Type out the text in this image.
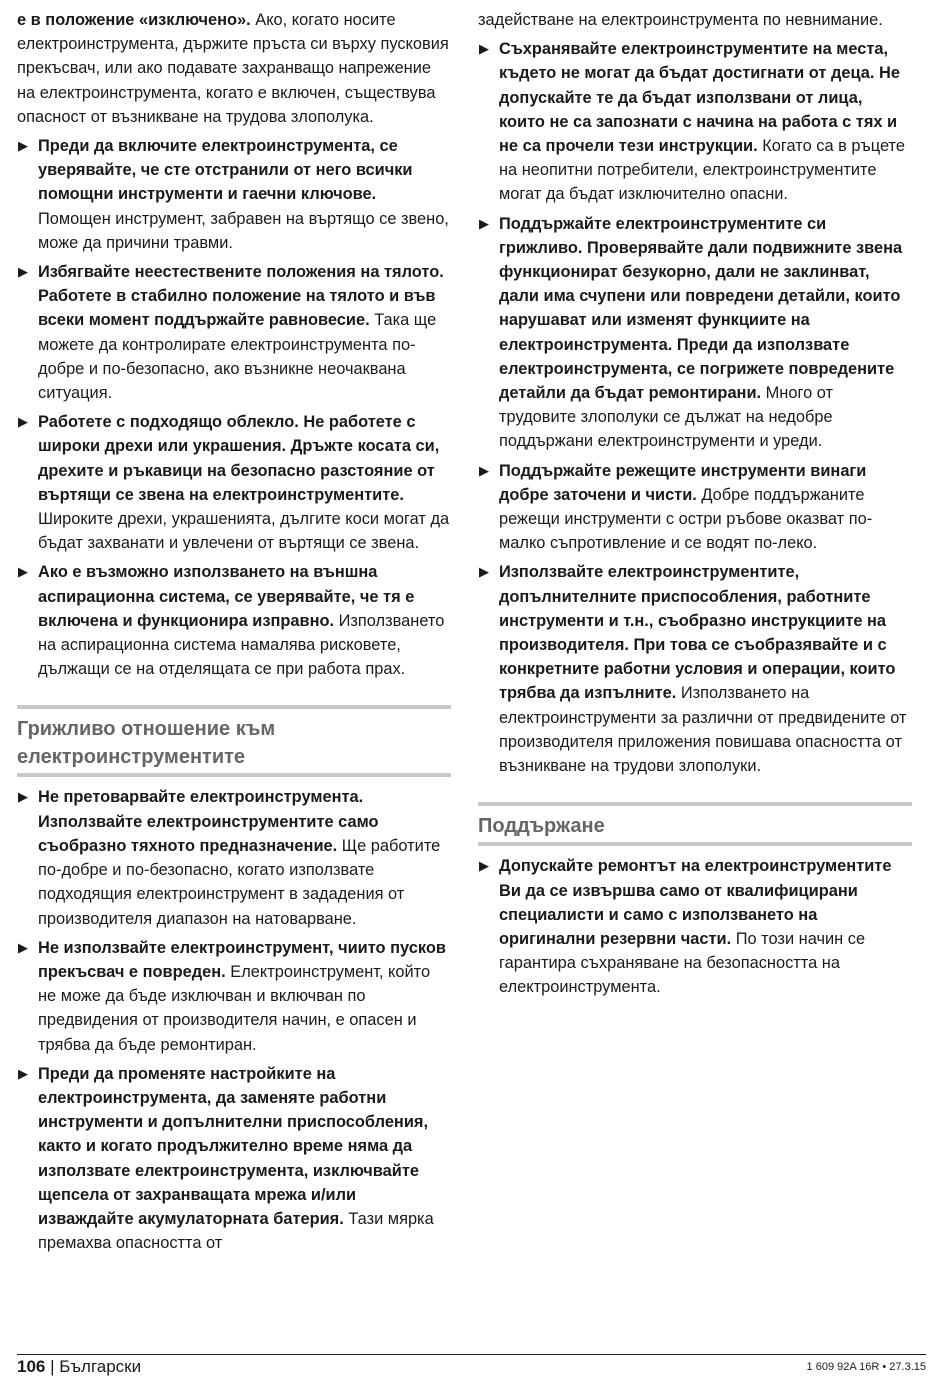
е в положение «изключено». Ако, когато носите електроинструмента, държите пръста си върху пусковия прекъсвач, или ако подавате захранващо напрежение на електроинструмента, когато е включен, съществува опасност от възникване на трудова злополука.

▶ Преди да включите електроинструмента, се уверявайте, че сте отстранили от него всички помощни инструменти и гаечни ключове. Помощен инструмент, забравен на въртящо се звено, може да причини травми.

▶ Избягвайте неестествените положения на тялото. Работете в стабилно положение на тялото и във всеки момент поддържайте равновесие. Така ще можете да контролирате електроинструмента по-добре и по-безопасно, ако възникне неочаквана ситуация.

▶ Работете с подходящо облекло. Не работете с широки дрехи или украшения. Дръжте косата си, дрехите и ръкавици на безопасно разстояние от въртящи се звена на електроинструментите. Широките дрехи, украшенията, дългите коси могат да бъдат захванати и увлечени от въртящи се звена.

▶ Ако е възможно използването на външна аспирационна система, се уверявайте, че тя е включена и функционира изправно. Използването на аспирационна система намалява рисковете, дължащи се на отделящата се при работа прах.

Грижливо отношение към електроинструментите

▶ Не претоварвайте електроинструмента. Използвайте електроинструментите само съобразно тяхното предназначение. Ще работите по-добре и по-безопасно, когато използвате подходящия електроинструмент в зададения от производителя диапазон на натоварване.

▶ Не използвайте електроинструмент, чиито пусков прекъсвач е повреден. Електроинструмент, който не може да бъде изключван и включван по предвидения от производителя начин, е опасен и трябва да бъде ремонтиран.

▶ Преди да променяте настройките на електроинструмента, да заменяте работни инструменти и допълнителни приспособления, както и когато продължително време няма да използвате електроинструмента, изключвайте щепсела от захранващата мрежа и/или изваждайте акумулаторната батерия. Тази мярка премахва опасността от

задействане на електроинструмента по невнимание.

▶ Съхранявайте електроинструментите на места, където не могат да бъдат достигнати от деца. Не допускайте те да бъдат използвани от лица, които не са запознати с начина на работа с тях и не са прочели тези инструкции. Когато са в ръцете на неопитни потребители, електроинструментите могат да бъдат изключително опасни.

▶ Поддържайте електроинструментите си грижливо. Проверявайте дали подвижните звена функционират безукорно, дали не заклинват, дали има счупени или повредени детайли, които нарушават или изменят функциите на електроинструмента. Преди да използвате електроинструмента, се погрижете повредените детайли да бъдат ремонтирани. Много от трудовите злополуки се дължат на недобре поддържани електроинструменти и уреди.

▶ Поддържайте режещите инструменти винаги добре заточени и чисти. Добре поддържаните режещи инструменти с остри ръбове оказват по-малко съпротивление и се водят по-леко.

▶ Използвайте електроинструментите, допълнителните приспособления, работните инструменти и т.н., съобразно инструкциите на производителя. При това се съобразявайте и с конкретните работни условия и операции, които трябва да изпълните. Използването на електроинструменти за различни от предвидените от производителя приложения повишава опасността от възникване на трудови злополуки.

Поддържане

▶ Допускайте ремонтът на електроинструментите Ви да се извършва само от квалифицирани специалисти и само с използването на оригинални резервни части. По този начин се гарантира съхраняване на безопасността на електроинструмента.

106 | Български	1 609 92A 16R • 27.3.15
